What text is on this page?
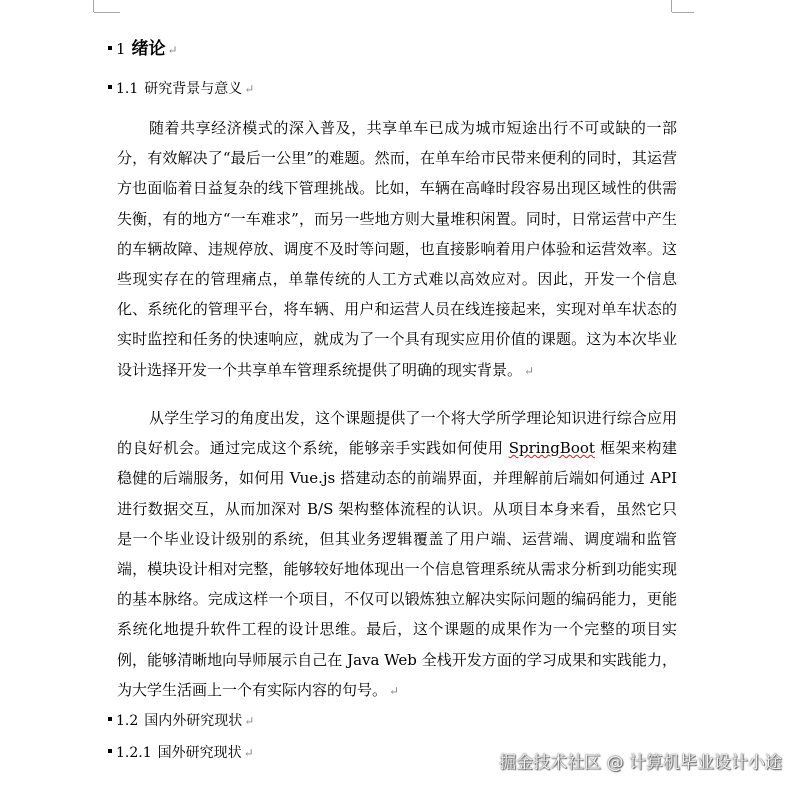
1 绪论 ↵
1.1 研究背景与意义 ↵
随着共享经济模式的深入普及，共享单车已成为城市短途出行不可或缺的一部分，有效解决了“最后一公里”的难题。然而，在单车给市民带来便利的同时，其运营方也面临着日益复杂的线下管理挑战。比如，车辆在高峰时段容易出现区域性的供需失衡，有的地方“一车难求”，而另一些地方则大量堆积闲置。同时，日常运营中产生的车辆故障、违规停放、调度不及时等问题，也直接影响着用户体验和运营效率。这些现实存在的管理痛点，单靠传统的人工方式难以高效应对。因此，开发一个信息化、系统化的管理平台，将车辆、用户和运营人员在线连接起来，实现对单车状态的实时监控和任务的快速响应，就成为了一个具有现实应用价值的课题。这为本次毕业设计选择开发一个共享单车管理系统提供了明确的现实背景。 ↵
从学生学习的角度出发，这个课题提供了一个将大学所学理论知识进行综合应用的良好机会。通过完成这个系统，能够亲手实践如何使用 SpringBoot 框架来构建稳健的后端服务，如何用 Vue.js 搭建动态的前端界面，并理解前后端如何通过 API 进行数据交互，从而加深对 B/S 架构整体流程的认识。从项目本身来看，虽然它只是一个毕业设计级别的系统，但其业务逻辑覆盖了用户端、运营端、调度端和监管端，模块设计相对完整，能够较好地体现出一个信息管理系统从需求分析到功能实现的基本脉络。完成这样一个项目，不仅可以锻炼独立解决实际问题的编码能力，更能系统化地提升软件工程的设计思维。最后，这个课题的成果作为一个完整的项目实例，能够清晰地向导师展示自己在 Java Web 全栈开发方面的学习成果和实践能力，为大学生活画上一个有实际内容的句号。 ↵
1.2 国内外研究现状 ↵
1.2.1 国外研究现状 ↵	掘金技术社区 @ 计算机毕业设计小途
